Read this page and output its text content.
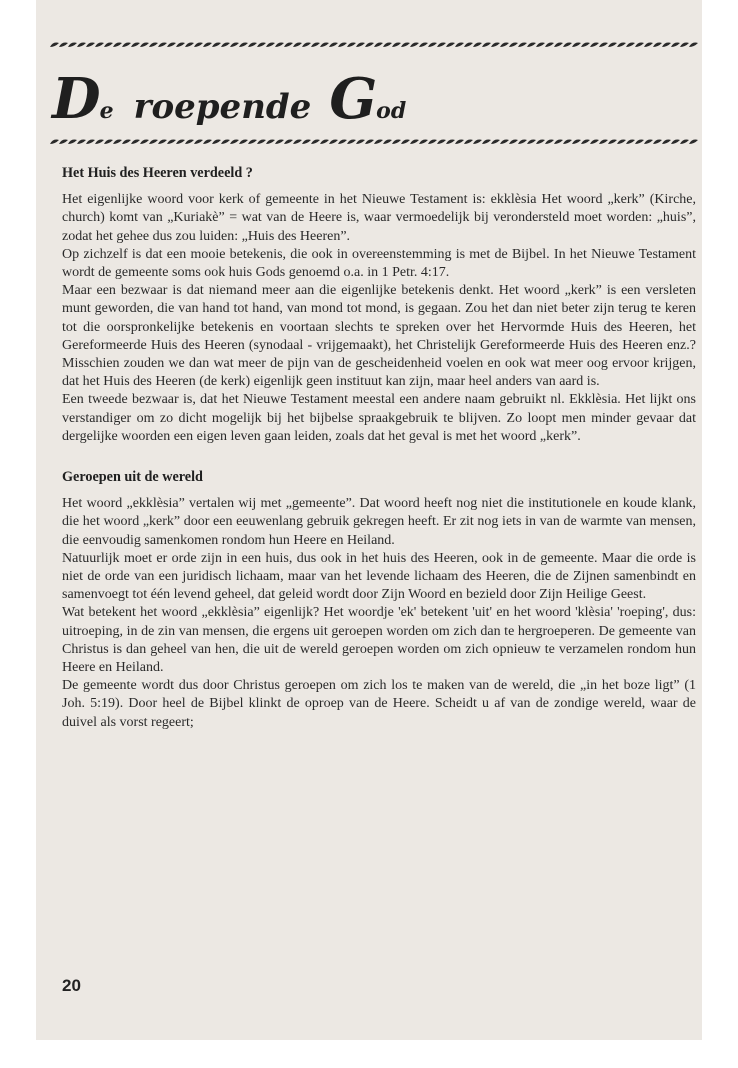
De roepende God
Het Huis des Heeren verdeeld ?

Het eigenlijke woord voor kerk of gemeente in het Nieuwe Testament is: ekklèsia Het woord „kerk” (Kirche, church) komt van „Kuriakè” = wat van de Heere is, waar vermoedelijk bij verondersteld moet worden: „huis”, zodat het gehee dus zou luiden: „Huis des Heeren”.

Op zichzelf is dat een mooie betekenis, die ook in overeenstemming is met de Bijbel. In het Nieuwe Testament wordt de gemeente soms ook huis Gods genoemd o.a. in 1 Petr. 4:17.

Maar een bezwaar is dat niemand meer aan die eigenlijke betekenis denkt. Het woord „kerk” is een versleten munt geworden, die van hand tot hand, van mond tot mond, is gegaan. Zou het dan niet beter zijn terug te keren tot die oorspronkelijke betekenis en voortaan slechts te spreken over het Hervormde Huis des Heeren, het Gereformeerde Huis des Heeren (synodaal - vrijgemaakt), het Christelijk Gereformeerde Huis des Heeren enz.? Misschien zouden we dan wat meer de pijn van de gescheidenheid voelen en ook wat meer oog ervoor krijgen, dat het Huis des Heeren (de kerk) eigenlijk geen instituut kan zijn, maar heel anders van aard is.

Een tweede bezwaar is, dat het Nieuwe Testament meestal een andere naam gebruikt nl. Ekklèsia. Het lijkt ons verstandiger om zo dicht mogelijk bij het bijbelse spraakgebruik te blijven. Zo loopt men minder gevaar dat dergelijke woorden een eigen leven gaan leiden, zoals dat het geval is met het woord „kerk”.

Geroepen uit de wereld

Het woord „ekklèsia” vertalen wij met „gemeente”. Dat woord heeft nog niet die institutionele en koude klank, die het woord „kerk” door een eeuwenlang gebruik gekregen heeft. Er zit nog iets in van de warmte van mensen, die eenvoudig samenkomen rondom hun Heere en Heiland.

Natuurlijk moet er orde zijn in een huis, dus ook in het huis des Heeren, ook in de gemeente. Maar die orde is niet de orde van een juridisch lichaam, maar van het levende lichaam des Heeren, die de Zijnen samenbindt en samenvoegt tot één levend geheel, dat geleid wordt door Zijn Woord en bezield door Zijn Heilige Geest.

Wat betekent het woord „ekklèsia” eigenlijk? Het woordje 'ek' betekent 'uit' en het woord 'klèsia' 'roeping', dus: uitroeping, in de zin van mensen, die ergens uit geroepen worden om zich dan te hergroeperen. De gemeente van Christus is dan geheel van hen, die uit de wereld geroepen worden om zich opnieuw te verzamelen rondom hun Heere en Heiland.

De gemeente wordt dus door Christus geroepen om zich los te maken van de wereld, die „in het boze ligt” (1 Joh. 5:19). Door heel de Bijbel klinkt de oproep van de Heere. Scheidt u af van de zondige wereld, waar de duivel als vorst regeert;

20
